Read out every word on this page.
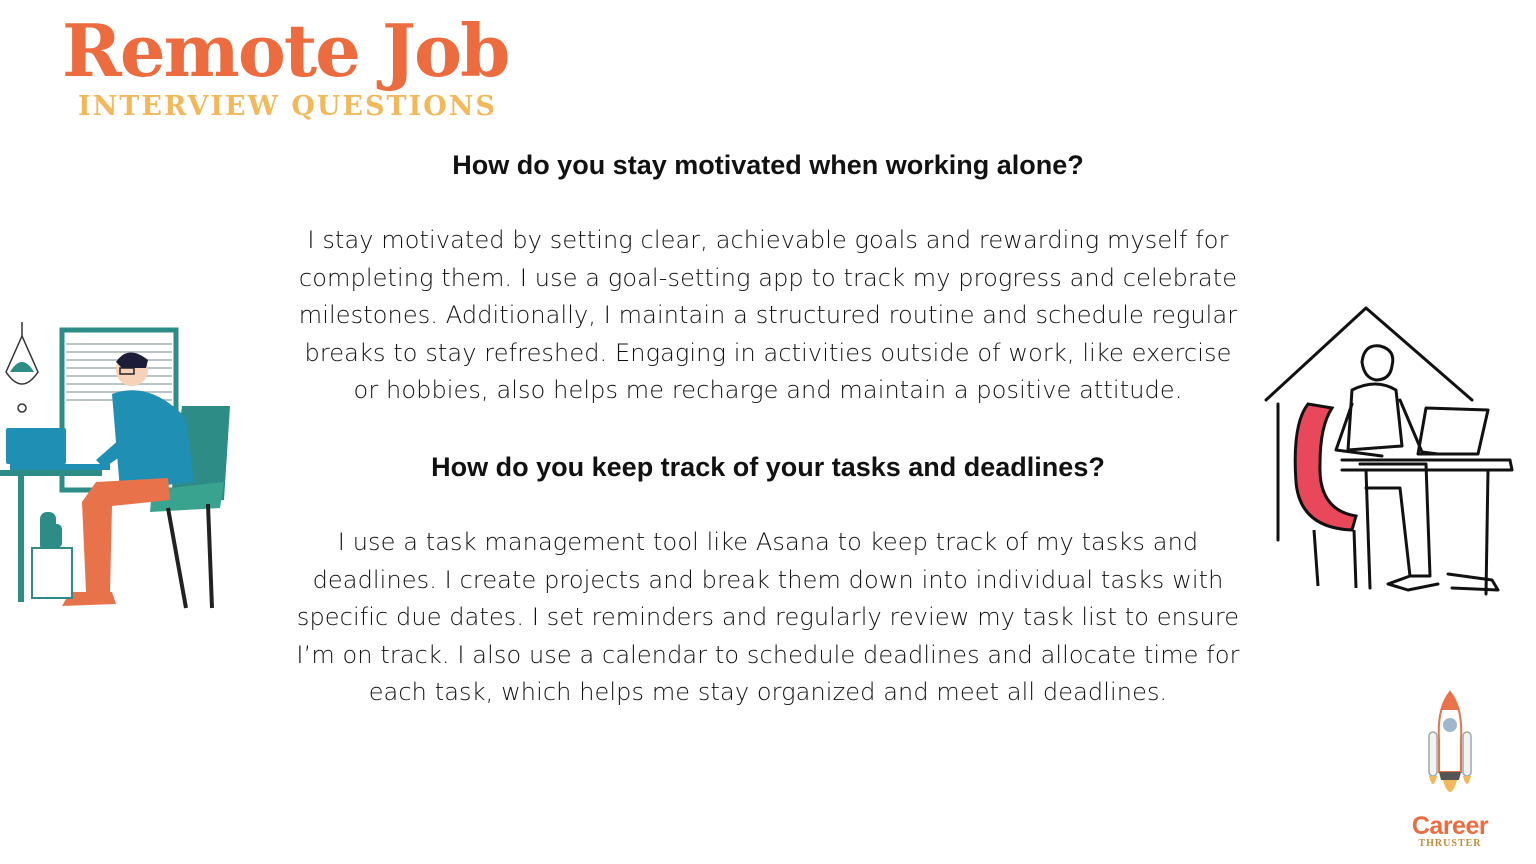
Remote Job
INTERVIEW QUESTIONS

How do you stay motivated when working alone?

I stay motivated by setting clear, achievable goals and rewarding myself for
completing them. I use a goal-setting app to track my progress and celebrate
milestones. Additionally, I maintain a structured routine and schedule regular
breaks to stay refreshed. Engaging in activities outside of work, like exercise
or hobbies, also helps me recharge and maintain a positive attitude.

How do you keep track of your tasks and deadlines?

I use a task management tool like Asana to keep track of my tasks and
deadlines. I create projects and break them down into individual tasks with
specific due dates. I set reminders and regularly review my task list to ensure
I’m on track. I also use a calendar to schedule deadlines and allocate time for
each task, which helps me stay organized and meet all deadlines.

Career
THRUSTER
